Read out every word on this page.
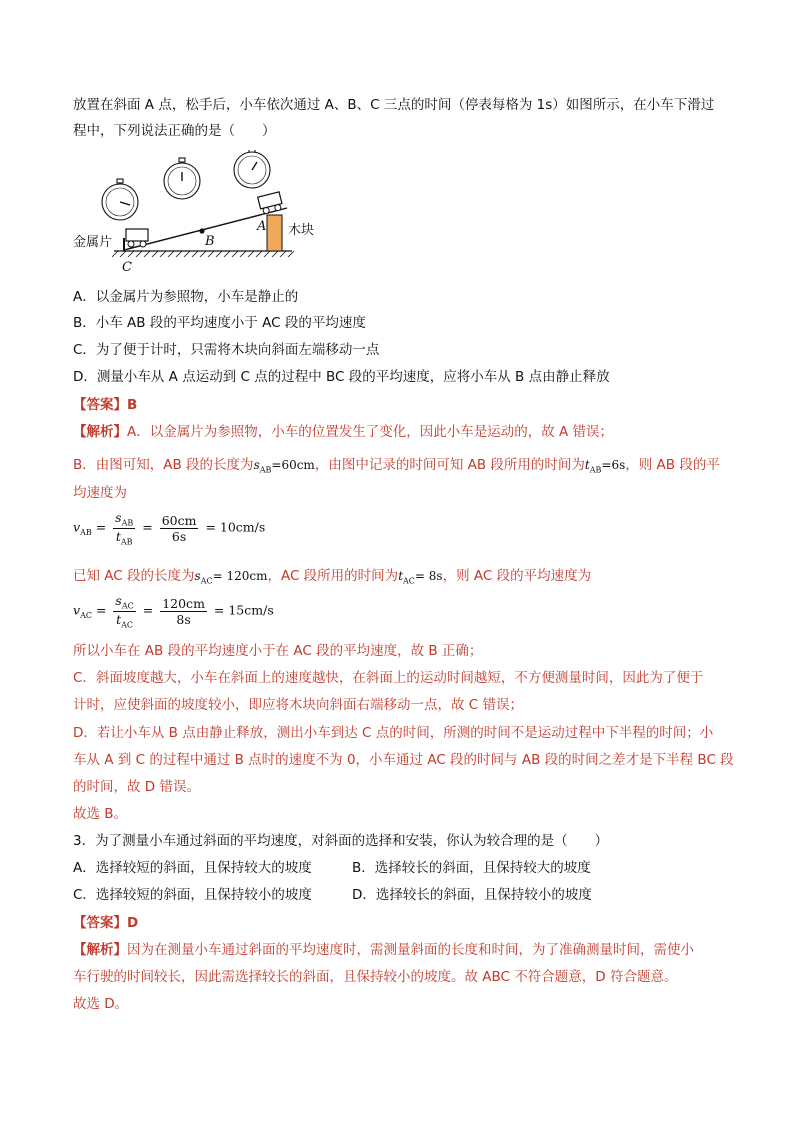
放置在斜面 A 点，松手后，小车依次通过 A、B、C 三点的时间（停表每格为 1s）如图所示，在小车下滑过
程中，下列说法正确的是（　　）
金属片
木块
A
B
C
A．以金属片为参照物，小车是静止的
B．小车 AB 段的平均速度小于 AC 段的平均速度
C．为了便于计时，只需将木块向斜面左端移动一点
D．测量小车从 A 点运动到 C 点的过程中 BC 段的平均速度，应将小车从 B 点由静止释放
【答案】B
【解析】A．以金属片为参照物，小车的位置发生了变化，因此小车是运动的，故 A 错误；
B．由图可知，AB 段的长度为$s_{AB}=60cm$，由图中记录的时间可知 AB 段所用的时间为$t_{AB}=6s$，则 AB 段的平
均速度为
$v_{AB} = \frac{s_{AB}}{t_{AB}} = \frac{60cm}{6s} = 10cm/s$
已知 AC 段的长度为$s_{AC}= 120cm$，AC 段所用的时间为$t_{AC}= 8s$，则 AC 段的平均速度为
$v_{AC} = \frac{s_{AC}}{t_{AC}} = \frac{120cm}{8s} = 15cm/s$
所以小车在 AB 段的平均速度小于在 AC 段的平均速度，故 B 正确；
C．斜面坡度越大，小车在斜面上的速度越快，在斜面上的运动时间越短，不方便测量时间，因此为了便于
计时，应使斜面的坡度较小，即应将木块向斜面右端移动一点，故 C 错误；
D．若让小车从 B 点由静止释放，测出小车到达 C 点的时间，所测的时间不是运动过程中下半程的时间；小
车从 A 到 C 的过程中通过 B 点时的速度不为 0，小车通过 AC 段的时间与 AB 段的时间之差才是下半程 BC 段
的时间，故 D 错误。
故选 B。
3．为了测量小车通过斜面的平均速度，对斜面的选择和安装，你认为较合理的是（　　）
A．选择较短的斜面，且保持较大的坡度	B．选择较长的斜面，且保持较大的坡度
C．选择较短的斜面，且保持较小的坡度	D．选择较长的斜面，且保持较小的坡度
【答案】D
【解析】因为在测量小车通过斜面的平均速度时，需测量斜面的长度和时间，为了准确测量时间，需使小
车行驶的时间较长，因此需选择较长的斜面，且保持较小的坡度。故 ABC 不符合题意，D 符合题意。
故选 D。
